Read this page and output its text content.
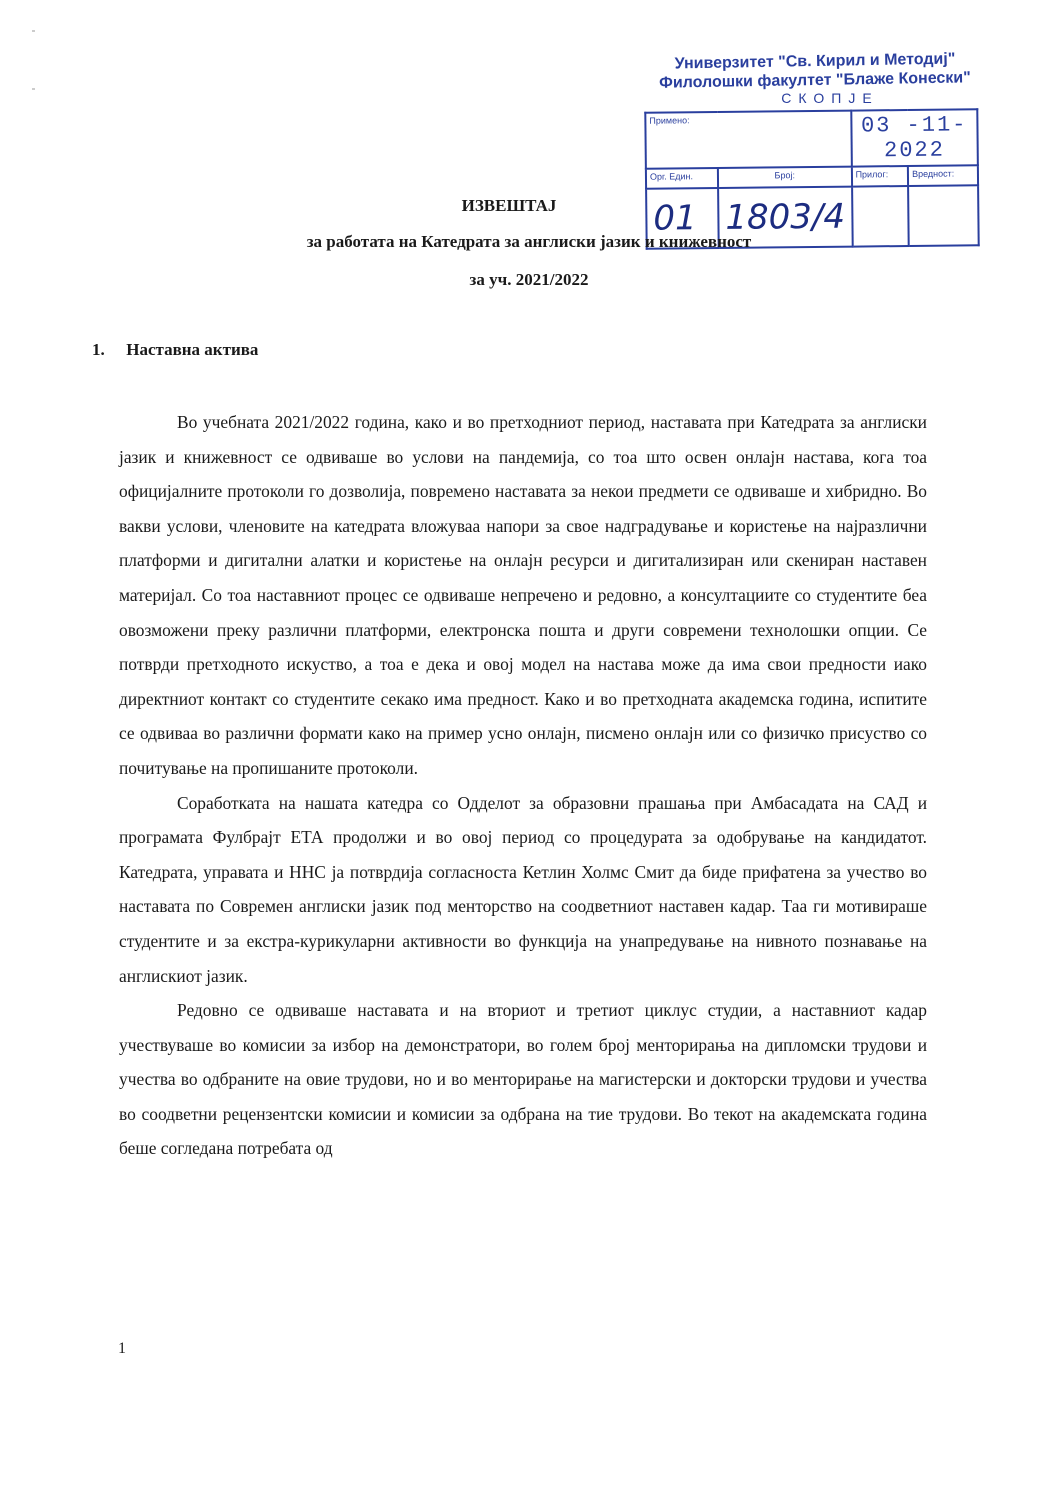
Универзитет "Св. Кирил и Методиј"
Филолошки факултет "Блаже Конески"
СКОПЈЕ
Примено:		03 -11- 2022	
Орг. Един.	Број:	Прилог:	Вредност:
01	1803/4		
ИЗВЕШТАЈ
за работата на Катедрата за англиски јазик и книжевност
за уч. 2021/2022
1. Наставна актива

Во учебната 2021/2022 година, како и во претходниот период, наставата при Катедрата за англиски јазик и книжевност се одвиваше во услови на пандемија, со тоа што освен онлајн настава, кога тоа официјалните протоколи го дозволија, повремено наставата за некои предмети се одвиваше и хибридно. Во вакви услови, членовите на катедрата вложуваа напори за свое надградување и користење на најразлични платформи и дигитални алатки и користење на онлајн ресурси и дигитализиран или скениран наставен материјал. Со тоа наставниот процес се одвиваше непречено и редовно, а консултациите со студентите беа овозможени преку различни платформи, електронска пошта и други современи технолошки опции. Се потврди претходното искуство, а тоа е дека и овој модел на настава може да има свои предности иако директниот контакт со студентите секако има предност. Како и во претходната академска година, испитите се одвиваа во различни формати како на пример усно онлајн, писмено онлајн или со физичко присуство со почитување на пропишаните протоколи.

Соработката на нашата катедра со Одделот за образовни прашања при Амбасадата на САД и програмата Фулбрајт ЕТА продолжи и во овој период со процедурата за одобрување на кандидатот. Катедрата, управата и ННС ја потврдија согласноста Кетлин Холмс Смит да биде прифатена за учество во наставата по Современ англиски јазик под менторство на соодветниот наставен кадар. Таа ги мотивираше студентите и за екстра-курикуларни активности во функција на унапредување на нивното познавање на англискиот јазик.

Редовно се одвиваше наставата и на вториот и третиот циклус студии, а наставниот кадар учествуваше во комисии за избор на демонстратори, во голем број менторирања на дипломски трудови и учества во одбраните на овие трудови, но и во менторирање на магистерски и докторски трудови и учества во соодветни рецензентски комисии и комисии за одбрана на тие трудови. Во текот на академската година беше согледана потребата од

1
